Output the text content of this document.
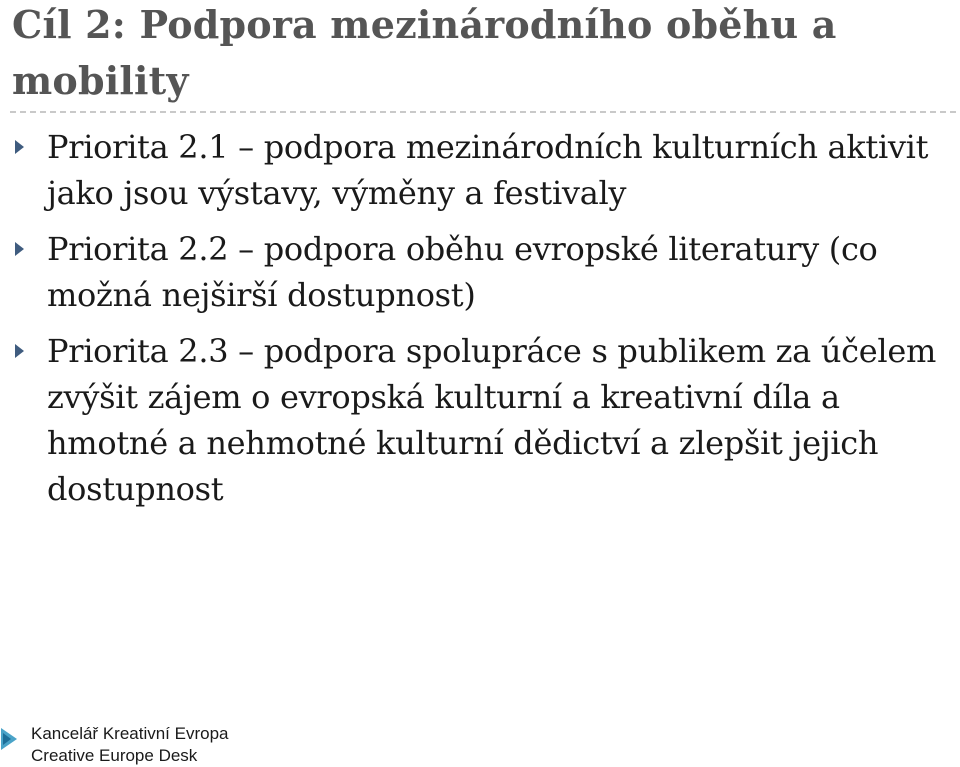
Cíl 2: Podpora mezinárodního oběhu a mobility
Priorita 2.1 – podpora mezinárodních kulturních aktivit jako jsou výstavy, výměny a festivaly
Priorita 2.2 – podpora oběhu evropské literatury (co možná nejširší dostupnost)
Priorita 2.3 – podpora spolupráce s publikem za účelem zvýšit zájem o evropská kulturní a kreativní díla a hmotné a nehmotné kulturní dědictví a zlepšit jejich dostupnost
Kancelář Kreativní Evropa
Creative Europe Desk
